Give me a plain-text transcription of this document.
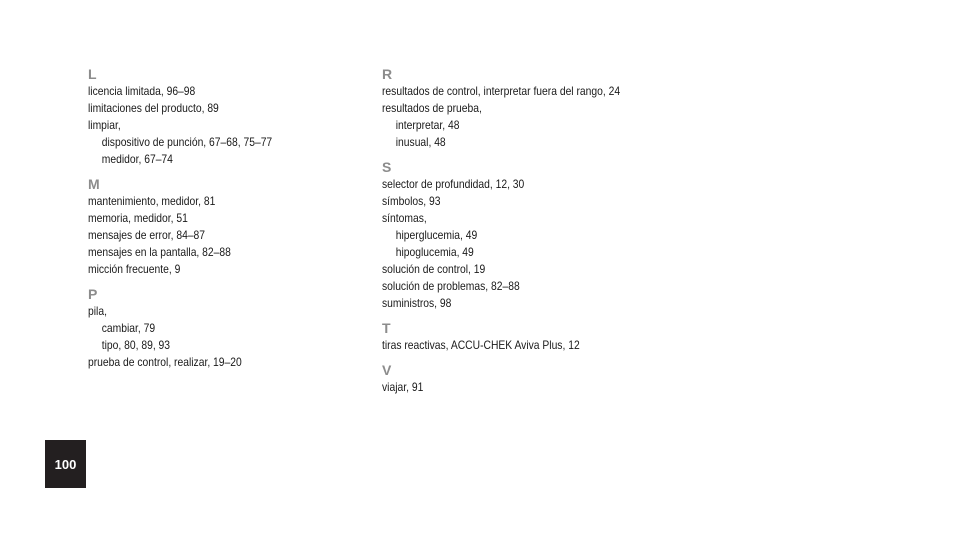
L
licencia limitada, 96–98
limitaciones del producto, 89
limpiar,
dispositivo de punción, 67–68, 75–77
medidor, 67–74
M
mantenimiento, medidor, 81
memoria, medidor, 51
mensajes de error, 84–87
mensajes en la pantalla, 82–88
micción frecuente, 9
P
pila,
cambiar, 79
tipo, 80, 89, 93
prueba de control, realizar, 19–20
R
resultados de control, interpretar fuera del rango, 24
resultados de prueba,
interpretar, 48
inusual, 48
S
selector de profundidad, 12, 30
símbolos, 93
síntomas,
hiperglucemia, 49
hipoglucemia, 49
solución de control, 19
solución de problemas, 82–88
suministros, 98
T
tiras reactivas, ACCU-CHEK Aviva Plus, 12
V
viajar, 91
100
